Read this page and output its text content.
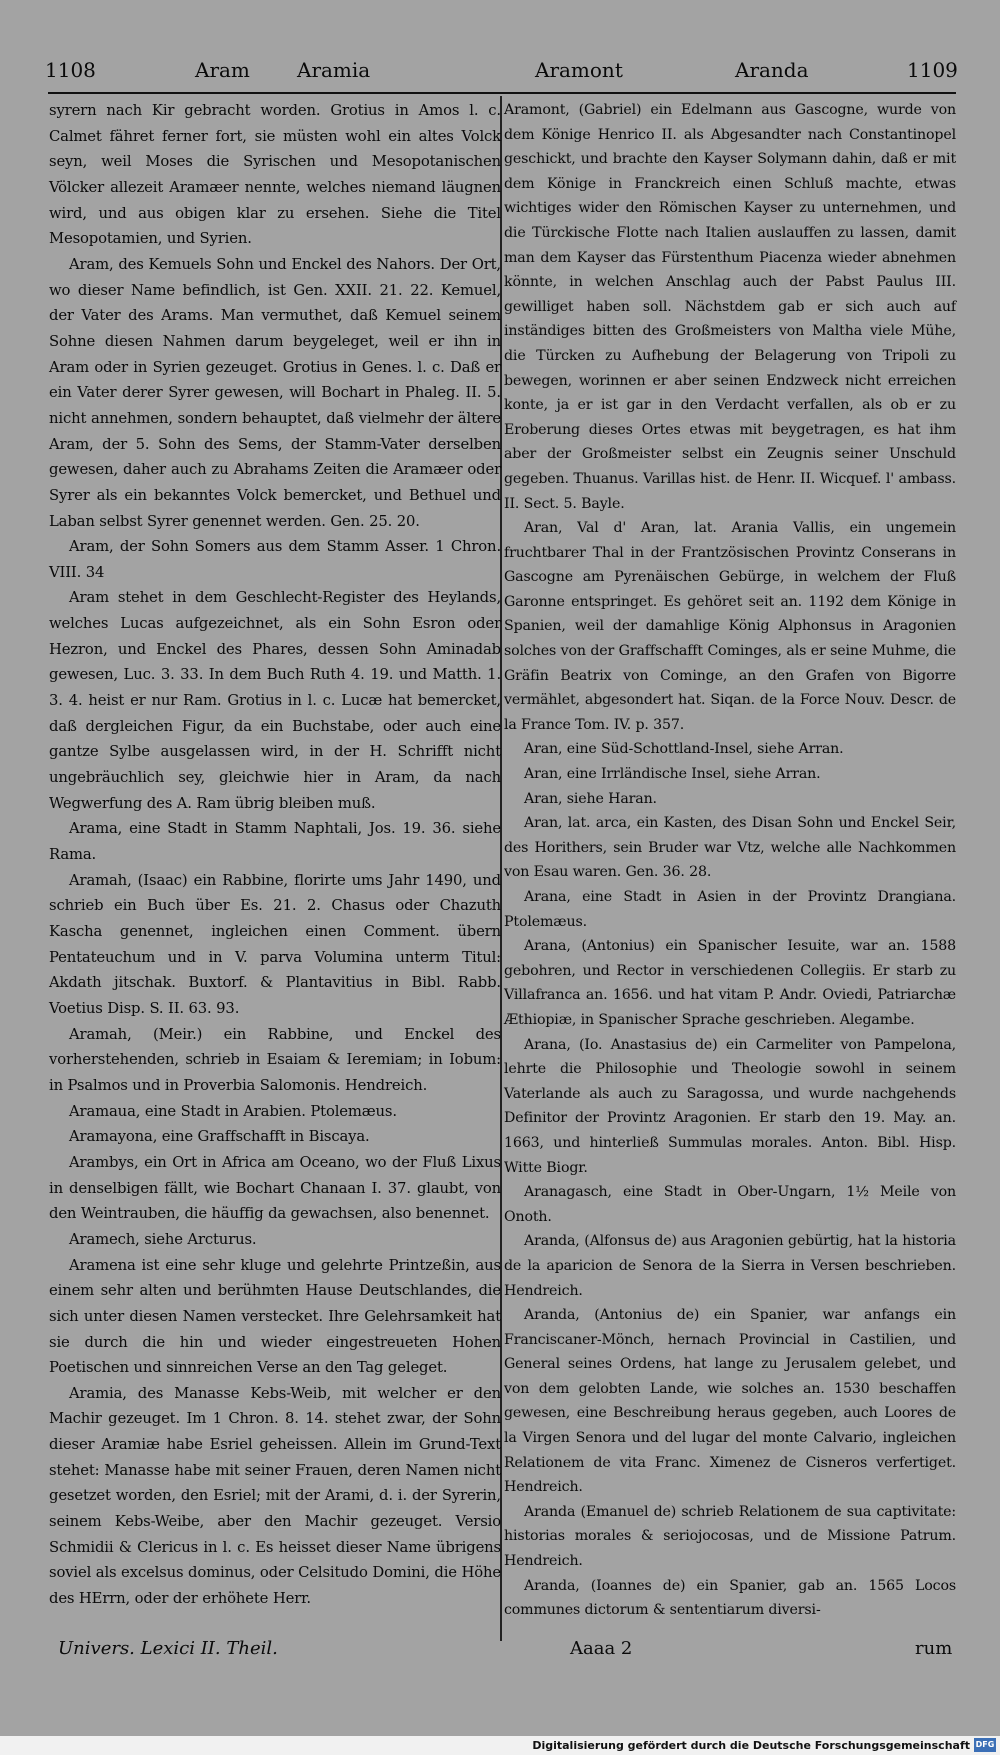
1108	Aram Aramia	Aramont	Aranda	1109

syrern nach Kir gebracht worden. Grotius in Amos l. c. Calmet fähret ferner fort, sie müsten wohl ein altes Volck seyn, weil Moses die Syrischen und Mesopotanischen Völcker allezeit Aramæer nennte, welches niemand läugnen wird, und aus obigen klar zu ersehen. Siehe die Titel Mesopotamien, und Syrien.

Aram, des Kemuels Sohn und Enckel des Nahors. Der Ort, wo dieser Name befindlich, ist Gen. XXII. 21. 22. Kemuel, der Vater des Arams. Man vermuthet, daß Kemuel seinem Sohne diesen Nahmen darum beygeleget, weil er ihn in Aram oder in Syrien gezeuget. Grotius in Genes. l. c. Daß er ein Vater derer Syrer gewesen, will Bochart in Phaleg. II. 5. nicht annehmen, sondern behauptet, daß vielmehr der ältere Aram, der 5. Sohn des Sems, der Stamm-Vater derselben gewesen, daher auch zu Abrahams Zeiten die Aramæer oder Syrer als ein bekanntes Volck bemercket, und Bethuel und Laban selbst Syrer genennet werden. Gen. 25. 20.

Aram, der Sohn Somers aus dem Stamm Asser. 1 Chron. VIII. 34

Aram stehet in dem Geschlecht-Register des Heylands, welches Lucas aufgezeichnet, als ein Sohn Esron oder Hezron, und Enckel des Phares, dessen Sohn Aminadab gewesen, Luc. 3. 33. In dem Buch Ruth 4. 19. und Matth. 1. 3. 4. heist er nur Ram. Grotius in l. c. Lucæ hat bemercket, daß dergleichen Figur, da ein Buchstabe, oder auch eine gantze Sylbe ausgelassen wird, in der H. Schrifft nicht ungebräuchlich sey, gleichwie hier in Aram, da nach Wegwerfung des A. Ram übrig bleiben muß.

Arama, eine Stadt in Stamm Naphtali, Jos. 19. 36. siehe Rama.

Aramah, (Isaac) ein Rabbine, florirte ums Jahr 1490, und schrieb ein Buch über Es. 21. 2. Chasus oder Chazuth Kascha genennet, ingleichen einen Comment. übern Pentateuchum und in V. parva Volumina unterm Titul: Akdath jitschak. Buxtorf. & Plantavitius in Bibl. Rabb. Voetius Disp. S. II. 63. 93.

Aramah, (Meir.) ein Rabbine, und Enckel des vorherstehenden, schrieb in Esaiam & Ieremiam; in Iobum: in Psalmos und in Proverbia Salomonis. Hendreich.

Aramaua, eine Stadt in Arabien. Ptolemæus.

Aramayona, eine Graffschafft in Biscaya.

Arambys, ein Ort in Africa am Oceano, wo der Fluß Lixus in denselbigen fällt, wie Bochart Chanaan I. 37. glaubt, von den Weintrauben, die häuffig da gewachsen, also benennet.

Aramech, siehe Arcturus.

Aramena ist eine sehr kluge und gelehrte Printzeßin, aus einem sehr alten und berühmten Hause Deutschlandes, die sich unter diesen Namen verstecket. Ihre Gelehrsamkeit hat sie durch die hin und wieder eingestreueten Hohen Poetischen und sinnreichen Verse an den Tag geleget.

Aramia, des Manasse Kebs-Weib, mit welcher er den Machir gezeuget. Im 1 Chron. 8. 14. stehet zwar, der Sohn dieser Aramiæ habe Esriel geheissen. Allein im Grund-Text stehet: Manasse habe mit seiner Frauen, deren Namen nicht gesetzet worden, den Esriel; mit der Arami, d. i. der Syrerin, seinem Kebs-Weibe, aber den Machir gezeuget. Versio Schmidii & Clericus in l. c. Es heisset dieser Name übrigens soviel als excelsus dominus, oder Celsitudo Domini, die Höhe des HErrn, oder der erhöhete Herr.

Aramont, (Gabriel) ein Edelmann aus Gascogne, wurde von dem Könige Henrico II. als Abgesandter nach Constantinopel geschickt, und brachte den Kayser Solymann dahin, daß er mit dem Könige in Franckreich einen Schluß machte, etwas wichtiges wider den Römischen Kayser zu unternehmen, und die Türckische Flotte nach Italien auslauffen zu lassen, damit man dem Kayser das Fürstenthum Piacenza wieder abnehmen könnte, in welchen Anschlag auch der Pabst Paulus III. gewilliget haben soll. Nächstdem gab er sich auch auf inständiges bitten des Großmeisters von Maltha viele Mühe, die Türcken zu Aufhebung der Belagerung von Tripoli zu bewegen, worinnen er aber seinen Endzweck nicht erreichen konte, ja er ist gar in den Verdacht verfallen, als ob er zu Eroberung dieses Ortes etwas mit beygetragen, es hat ihm aber der Großmeister selbst ein Zeugnis seiner Unschuld gegeben. Thuanus. Varillas hist. de Henr. II. Wicquef. l' ambass. II. Sect. 5. Bayle.

Aran, Val d' Aran, lat. Arania Vallis, ein ungemein fruchtbarer Thal in der Frantzösischen Provintz Conserans in Gascogne am Pyrenäischen Gebürge, in welchem der Fluß Garonne entspringet. Es gehöret seit an. 1192 dem Könige in Spanien, weil der damahlige König Alphonsus in Aragonien solches von der Graffschafft Cominges, als er seine Muhme, die Gräfin Beatrix von Cominge, an den Grafen von Bigorre vermählet, abgesondert hat. Siqan. de la Force Nouv. Descr. de la France Tom. IV. p. 357.

Aran, eine Süd-Schottland-Insel, siehe Arran.

Aran, eine Irrländische Insel, siehe Arran.

Aran, siehe Haran.

Aran, lat. arca, ein Kasten, des Disan Sohn und Enckel Seir, des Horithers, sein Bruder war Vtz, welche alle Nachkommen von Esau waren. Gen. 36. 28.

Arana, eine Stadt in Asien in der Provintz Drangiana. Ptolemæus.

Arana, (Antonius) ein Spanischer Iesuite, war an. 1588 gebohren, und Rector in verschiedenen Collegiis. Er starb zu Villafranca an. 1656. und hat vitam P. Andr. Oviedi, Patriarchæ Æthiopiæ, in Spanischer Sprache geschrieben. Alegambe.

Arana, (Io. Anastasius de) ein Carmeliter von Pampelona, lehrte die Philosophie und Theologie sowohl in seinem Vaterlande als auch zu Saragossa, und wurde nachgehends Definitor der Provintz Aragonien. Er starb den 19. May. an. 1663, und hinterließ Summulas morales. Anton. Bibl. Hisp. Witte Biogr.

Aranagasch, eine Stadt in Ober-Ungarn, 1½ Meile von Onoth.

Aranda, (Alfonsus de) aus Aragonien gebürtig, hat la historia de la aparicion de Senora de la Sierra in Versen beschrieben. Hendreich.

Aranda, (Antonius de) ein Spanier, war anfangs ein Franciscaner-Mönch, hernach Provincial in Castilien, und General seines Ordens, hat lange zu Jerusalem gelebet, und von dem gelobten Lande, wie solches an. 1530 beschaffen gewesen, eine Beschreibung heraus gegeben, auch Loores de la Virgen Senora und del lugar del monte Calvario, ingleichen Relationem de vita Franc. Ximenez de Cisneros verfertiget. Hendreich.

Aranda (Emanuel de) schrieb Relationem de sua captivitate: historias morales & seriojocosas, und de Missione Patrum. Hendreich.

Aranda, (Ioannes de) ein Spanier, gab an. 1565 Locos communes dictorum & sententiarum diversi-

Univers. Lexici II. Theil.	Aaaa 2	rum
Digitalisierung gefördert durch die Deutsche Forschungsgemeinschaft DFG
